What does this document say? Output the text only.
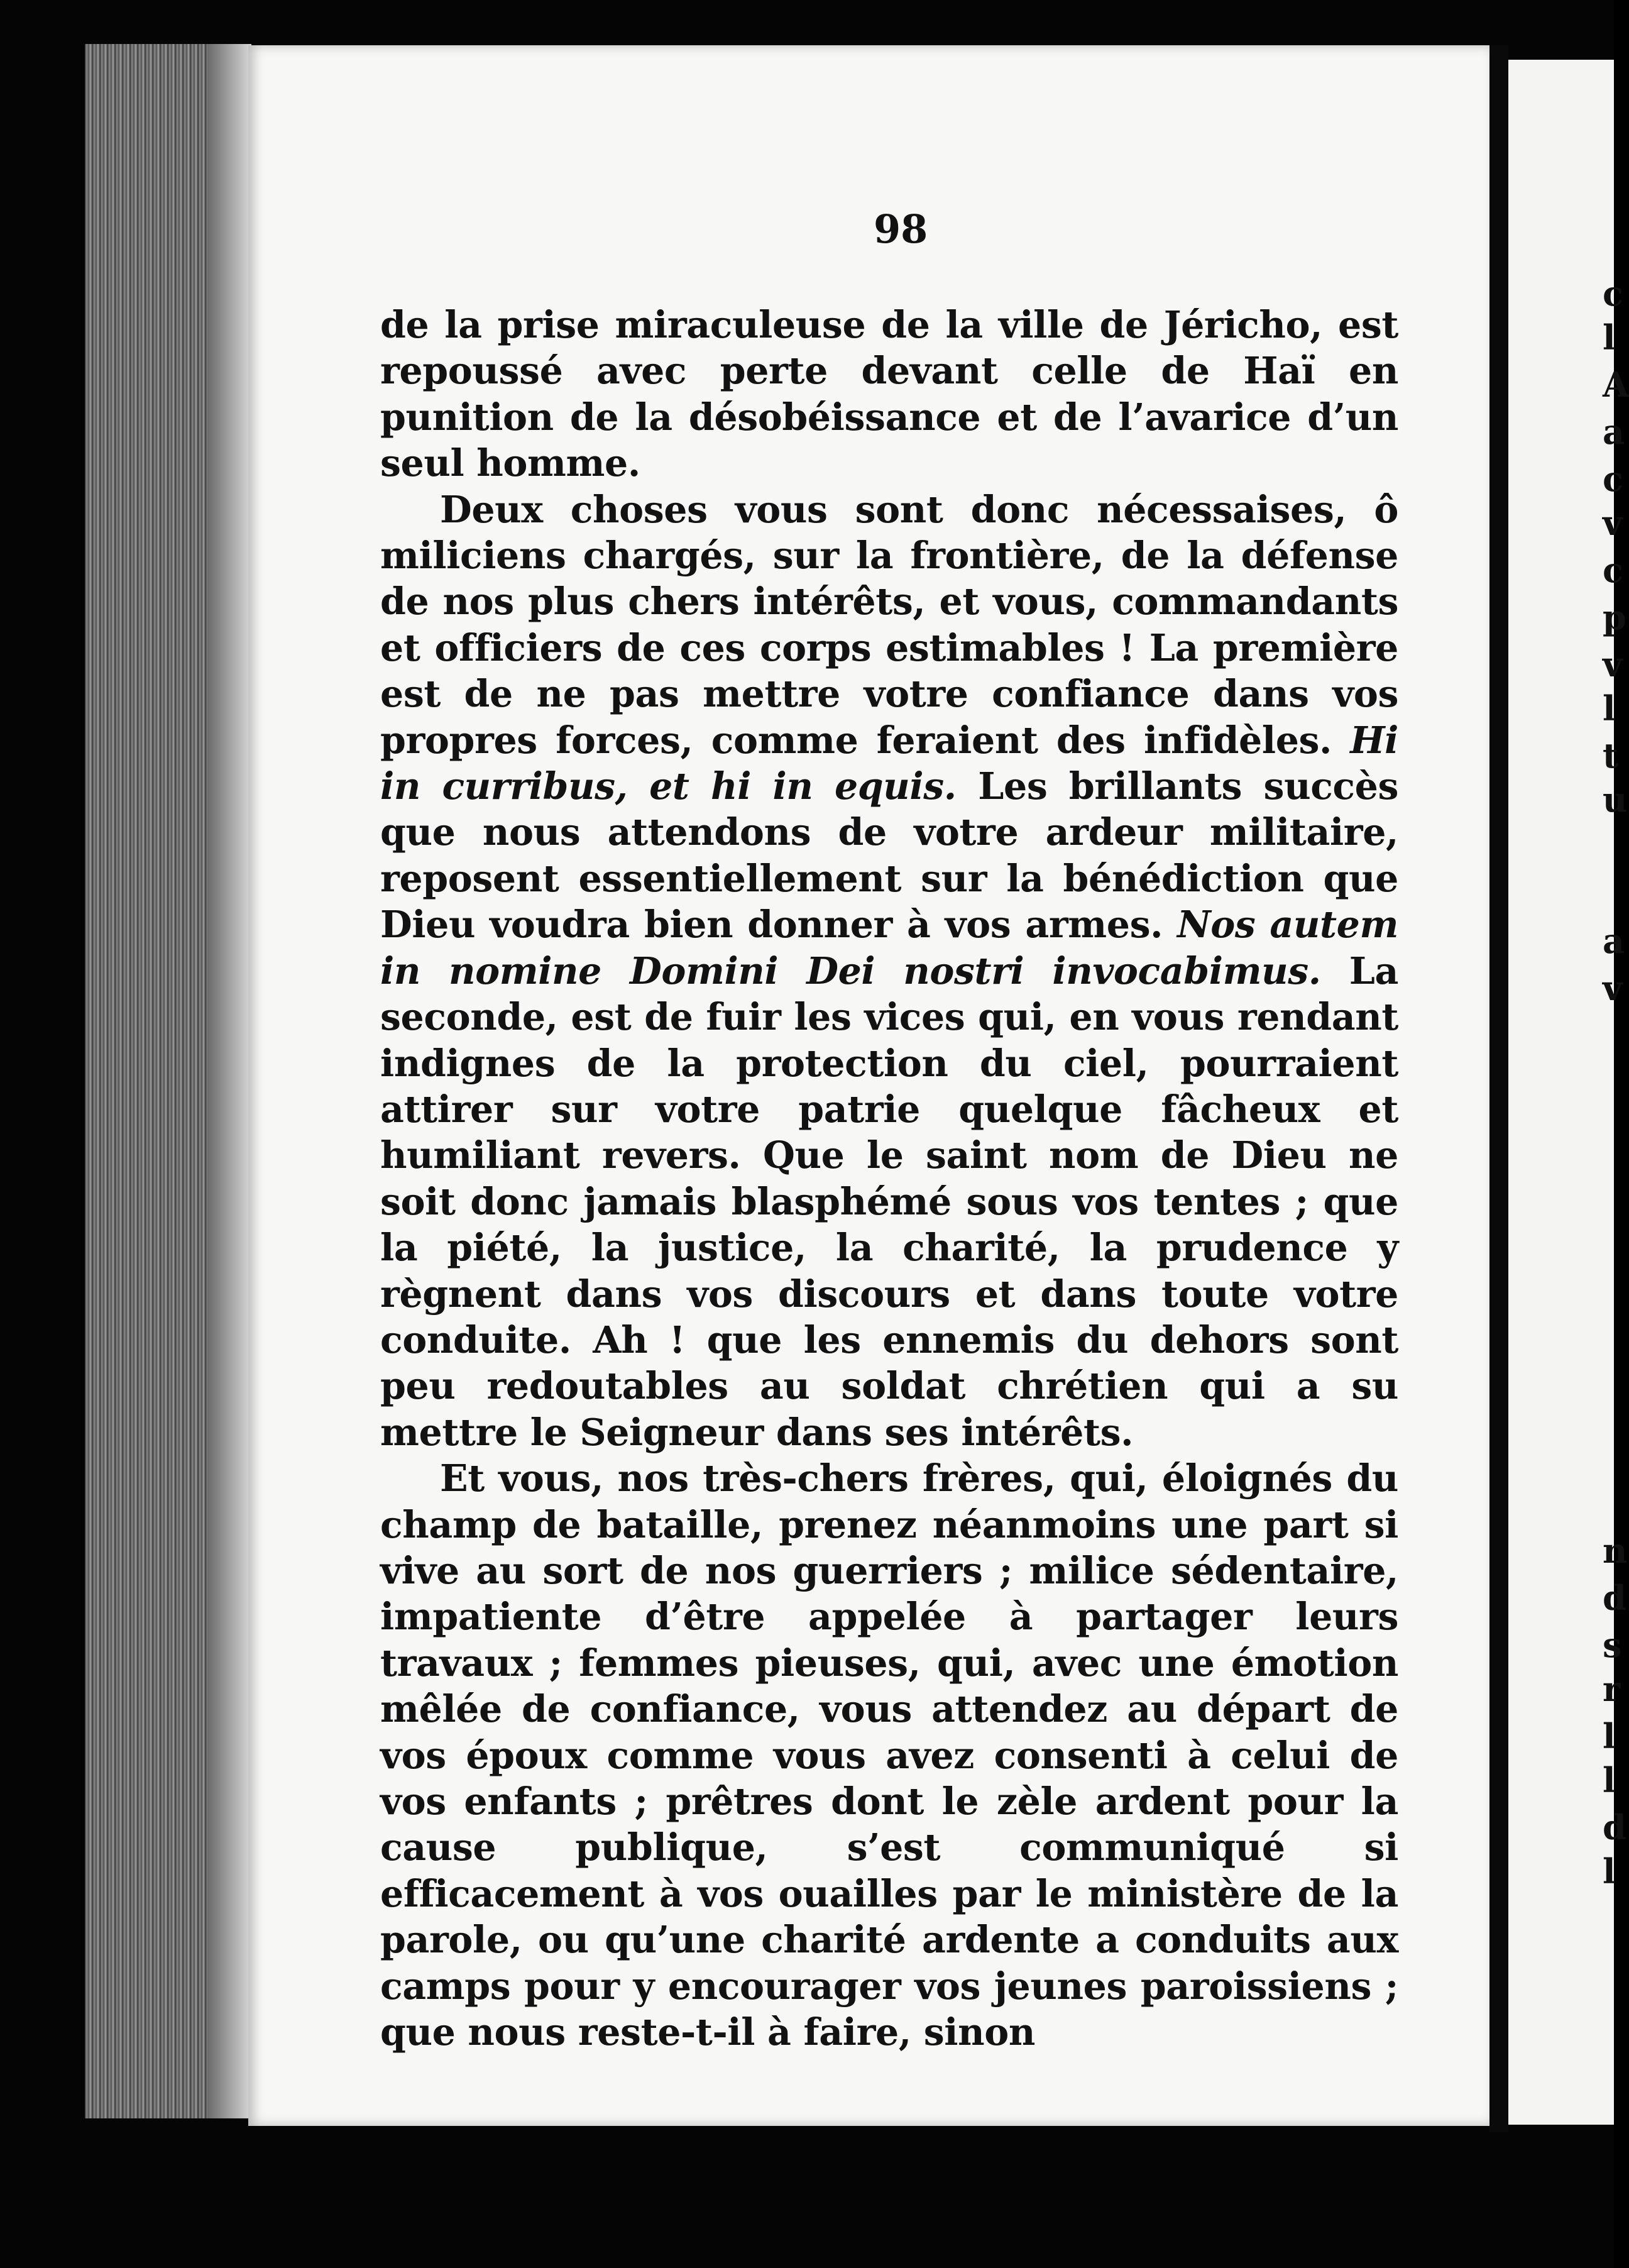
c
l
A
a
c
v
c
p
v
l
t
u
a
v
n
d
s
r
l
l
d
l
98

de la prise miraculeuse de la ville de Jéricho, est repoussé avec perte devant celle de Haï en punition de la désobéissance et de l’avarice d’un seul homme.

Deux choses vous sont donc nécessaises, ô miliciens chargés, sur la frontière, de la défense de nos plus chers intérêts, et vous, commandants et officiers de ces corps estimables ! La première est de ne pas mettre votre confiance dans vos propres forces, comme feraient des infidèles. Hi in curribus, et hi in equis. Les brillants succès que nous attendons de votre ardeur militaire, reposent essentiellement sur la bénédiction que Dieu voudra bien donner à vos armes. Nos autem in nomine Domini Dei nostri invocabimus. La seconde, est de fuir les vices qui, en vous rendant indignes de la protection du ciel, pourraient attirer sur votre patrie quelque fâcheux et humiliant revers. Que le saint nom de Dieu ne soit donc jamais blasphémé sous vos tentes ; que la piété, la justice, la charité, la prudence y règnent dans vos discours et dans toute votre conduite. Ah ! que les ennemis du dehors sont peu redoutables au soldat chrétien qui a su mettre le Seigneur dans ses intérêts.

Et vous, nos très-chers frères, qui, éloignés du champ de bataille, prenez néanmoins une part si vive au sort de nos guerriers ; milice sédentaire, impatiente d’être appelée à partager leurs travaux ; femmes pieuses, qui, avec une émotion mêlée de confiance, vous attendez au départ de vos époux comme vous avez consenti à celui de vos enfants ; prêtres dont le zèle ardent pour la cause publique, s’est communiqué si efficacement à vos ouailles par le ministère de la parole, ou qu’une charité ardente a conduits aux camps pour y encourager vos jeunes paroissiens ; que nous reste-t-il à faire, sinon
